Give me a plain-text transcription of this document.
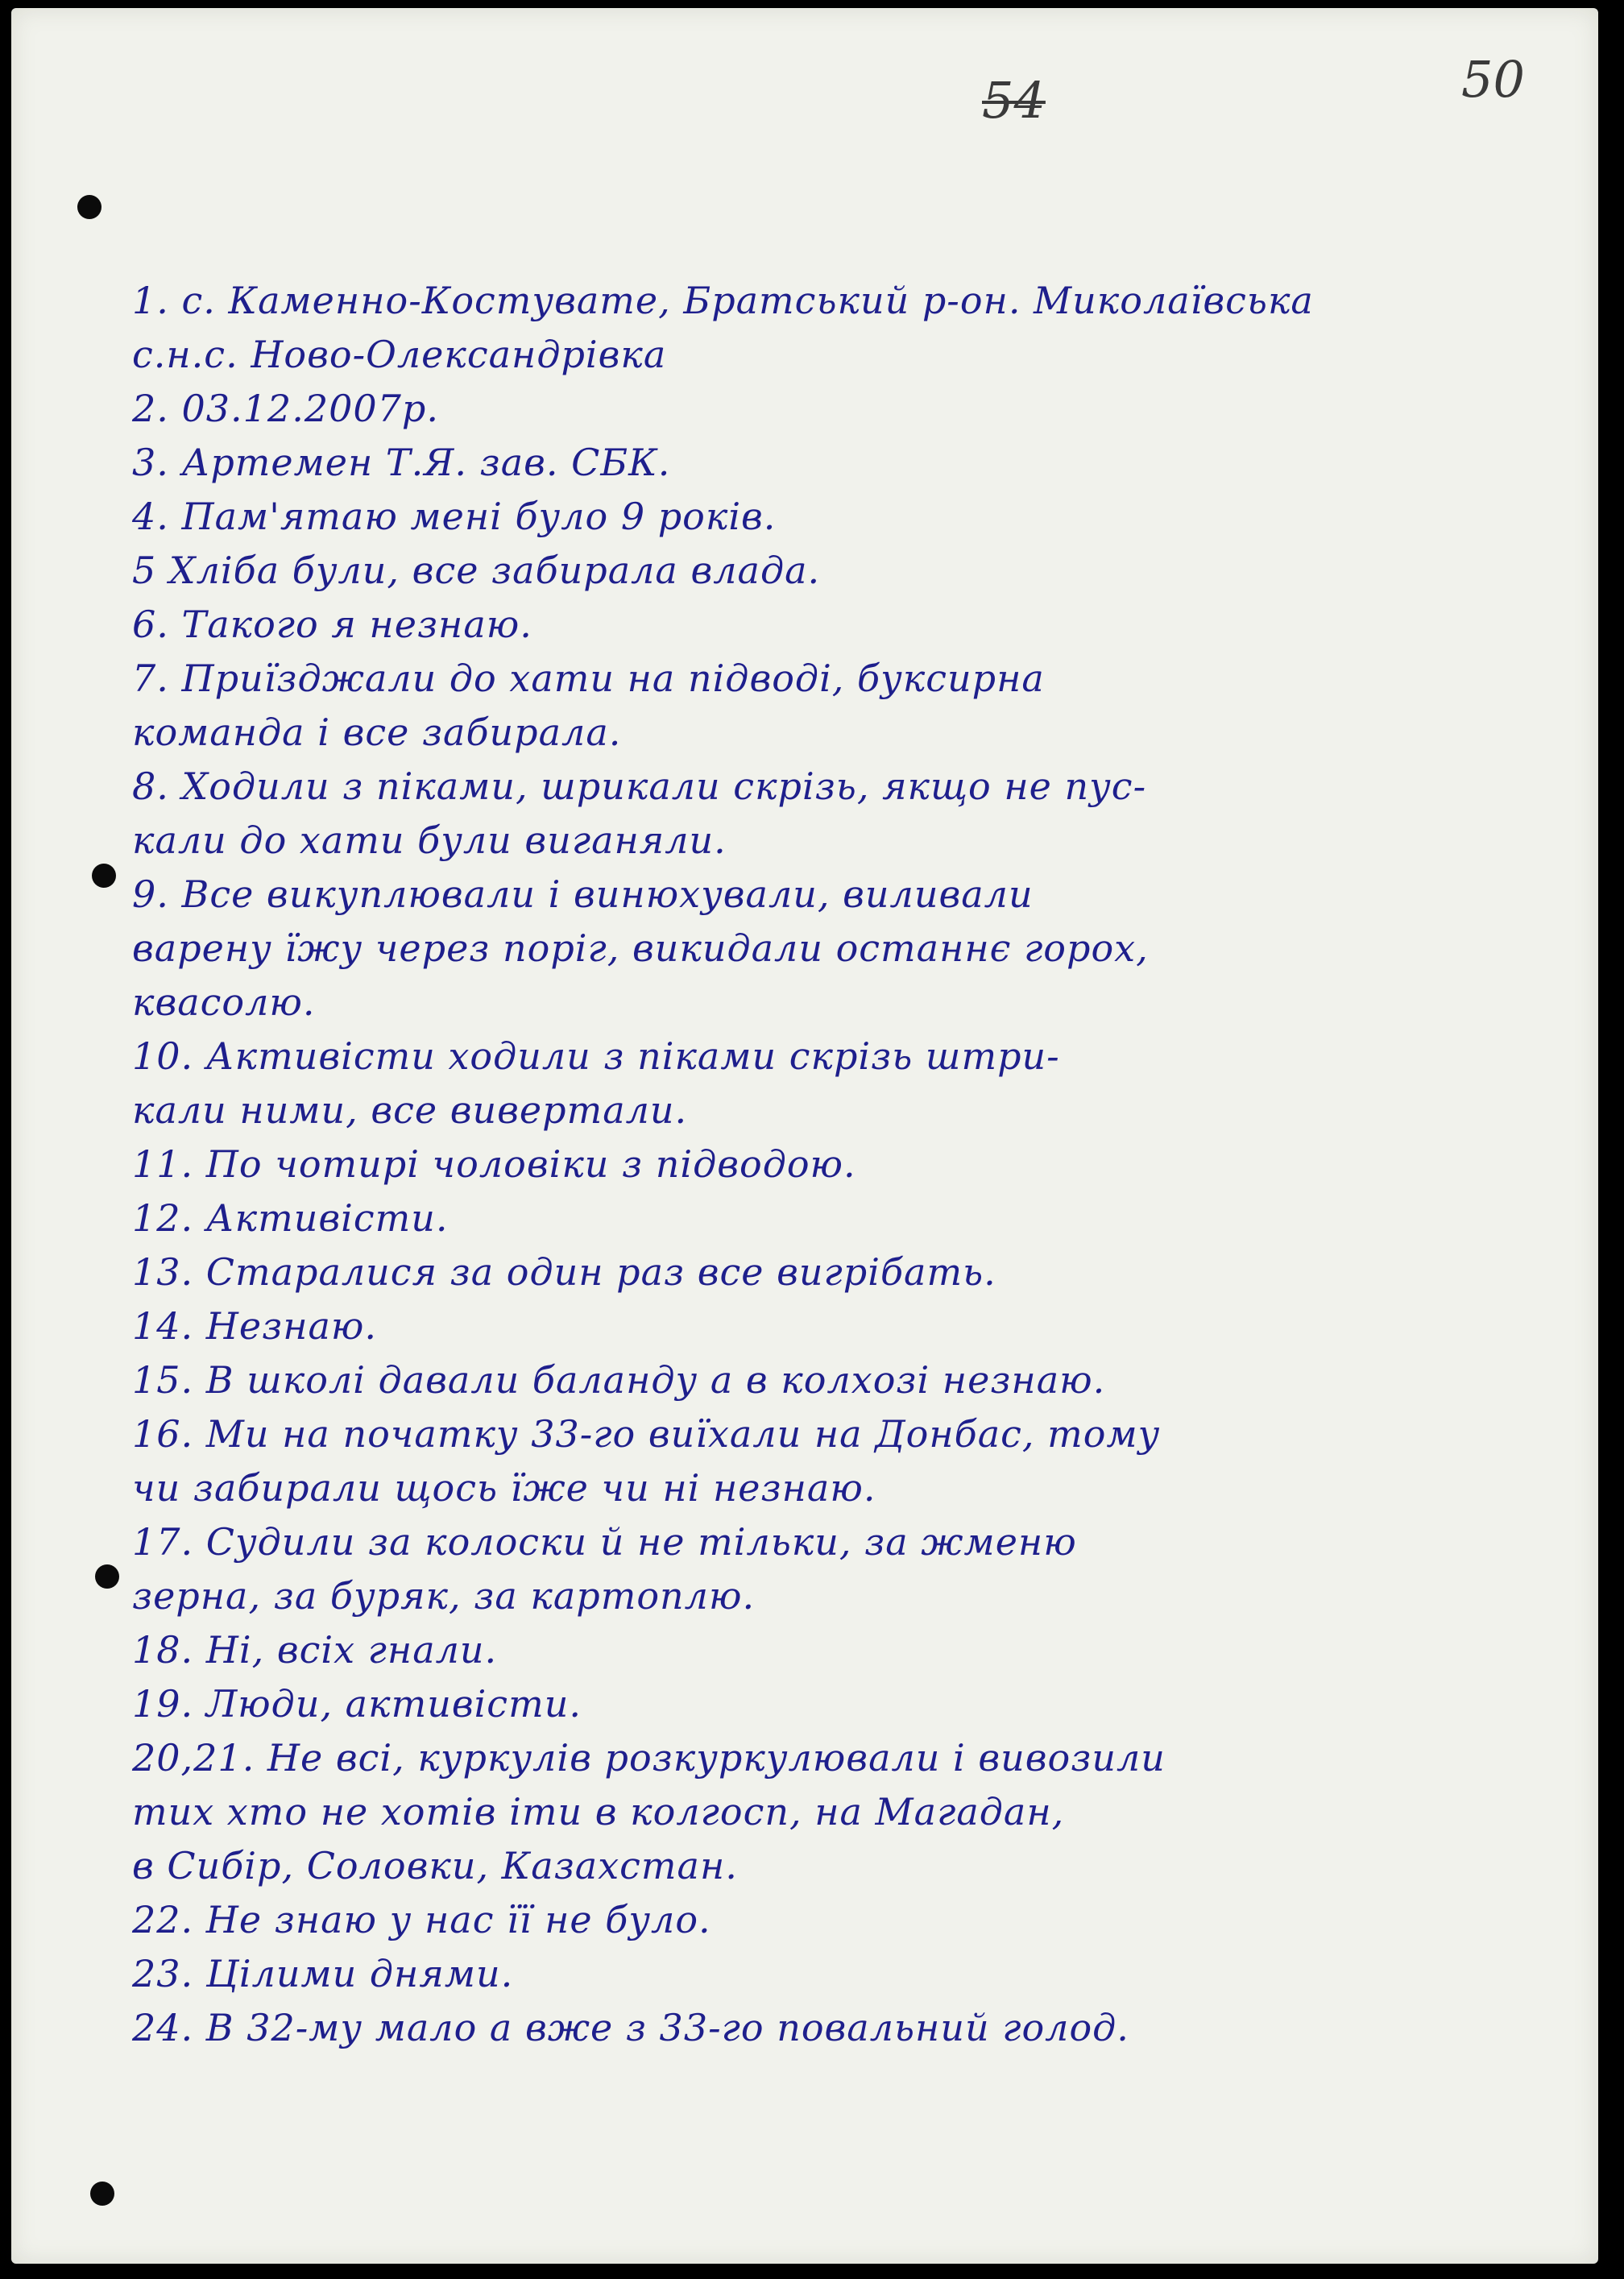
54	50
1. с. Каменно-Костувате, Братський р-он. Миколаївська
с.н.с. Ново-Олександрівка
2. 03.12.2007р.
3. Артемен Т.Я. зав. СБК.
4. Пам'ятаю мені було 9 років.
5 Хліба були, все забирала влада.
6. Такого я незнаю.
7. Приїзджали до хати на підводі, буксирна
команда і все забирала.
8. Ходили з піками, шрикали скрізь, якщо не пус-
кали до хати були виганяли.
9. Все викуплювали і винюхували, виливали
варену їжу через поріг, викидали останнє горох,
квасолю.
10. Активісти ходили з піками скрізь штри-
кали ними, все вивертали.
11. По чотирі чоловіки з підводою.
12. Активісти.
13. Старалися за один раз все вигрібать.
14. Незнаю.
15. В школі давали баланду а в колхозі незнаю.
16. Ми на початку 33-го виїхали на Донбас, тому
чи забирали щось їже чи ні незнаю.
17. Судили за колоски й не тільки, за жменю
зерна, за буряк, за картоплю.
18. Ні, всіх гнали.
19. Люди, активісти.
20,21. Не всі, куркулів розкуркулювали і вивозили
тих хто не хотів іти в колгосп, на Магадан,
в Сибір, Соловки, Казахстан.
22. Не знаю у нас її не було.
23. Цілими днями.
24. В 32-му мало а вже з 33-го повальний голод.
